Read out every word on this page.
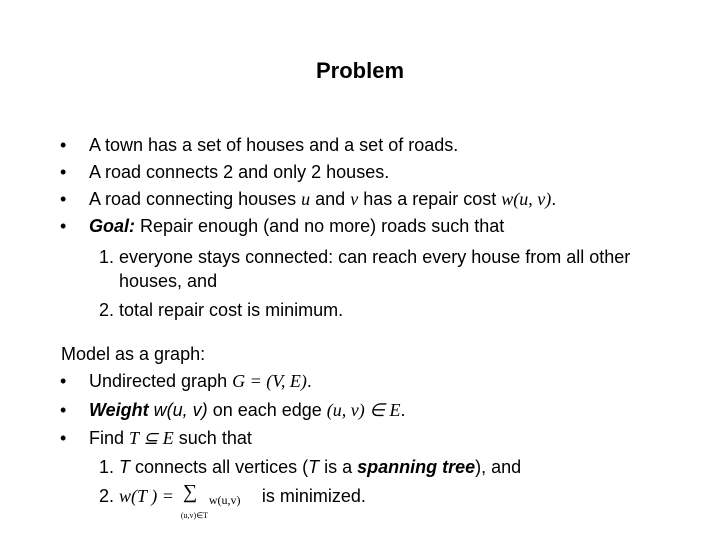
Problem
• A town has a set of houses and a set of roads.
• A road connects 2 and only 2 houses.
• A road connecting houses u and v has a repair cost w(u, v).
• Goal: Repair enough (and no more) roads such that
1. everyone stays connected: can reach every house from all other
houses, and
2. total repair cost is minimum.
Model as a graph:
• Undirected graph G = (V, E).
• Weight w(u, v) on each edge (u, v) ∈ E.
• Find T ⊆ E such that
1. T connects all vertices (T is a spanning tree), and
2. w(T ) = ∑
(u,v)∈T
w(u,v) is minimized.
